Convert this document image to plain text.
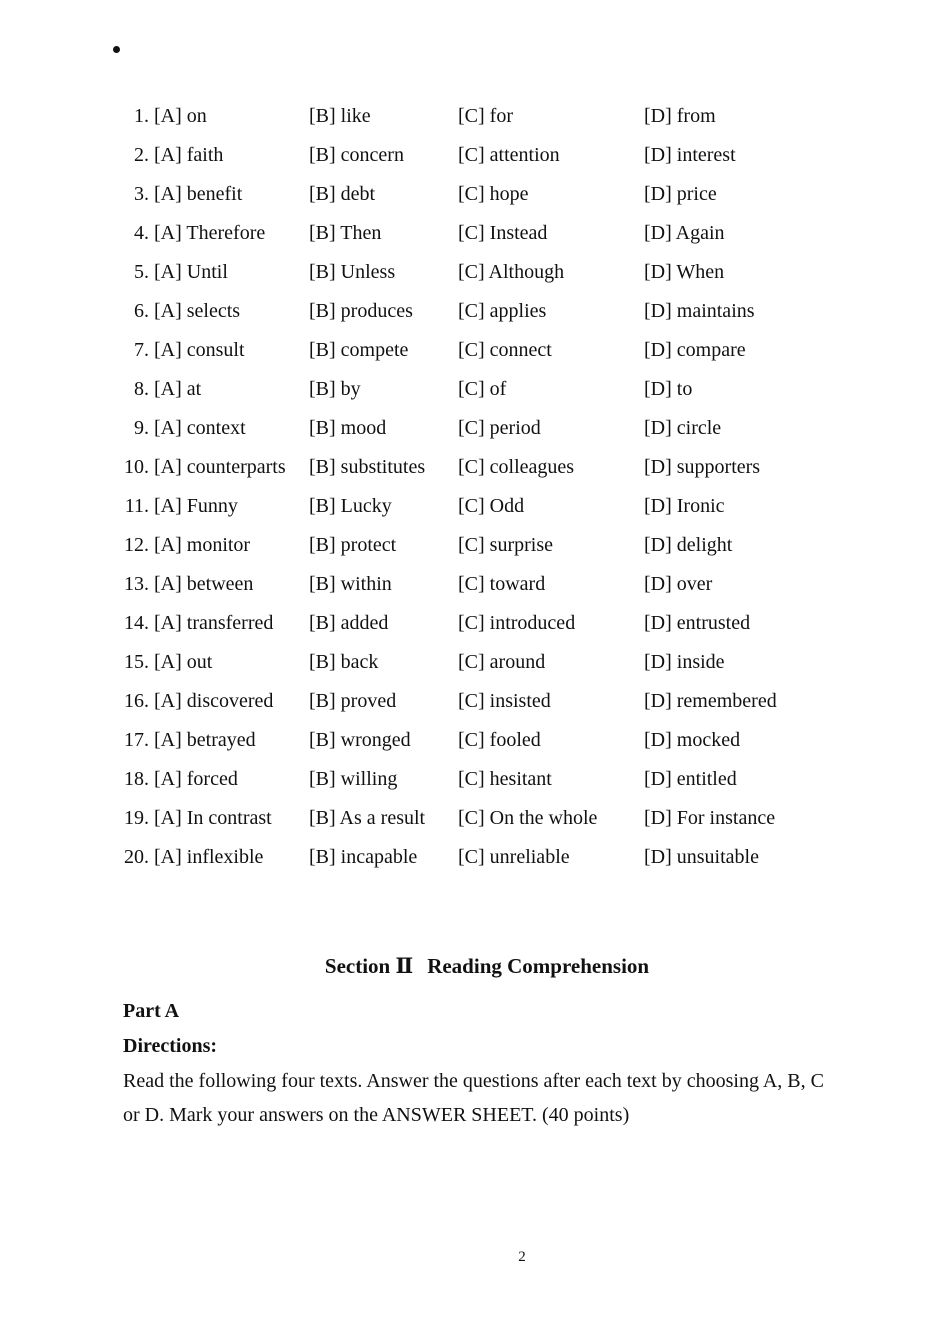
1. [A] on	[B] like	[C] for	[D] from
2. [A] faith	[B] concern	[C] attention	[D] interest
3. [A] benefit	[B] debt	[C] hope	[D] price
4. [A] Therefore [B] Then	[C] Instead	[D] Again
5. [A] Until	[B] Unless	[C] Although	[D] When
6. [A] selects	[B] produces [C] applies	[D] maintains
7. [A] consult	[B] compete [C] connect	[D] compare
8. [A] at	[B] by	[C] of	[D] to
9. [A] context	[B] mood	[C] period	[D] circle
10. [A] counterparts [B] substitutes [C] colleagues	[D] supporters
11. [A] Funny	[B] Lucky	[C] Odd	[D] Ironic
12. [A] monitor	[B] protect	[C] surprise	[D] delight
13. [A] between	[B] within	[C] toward	[D] over
14. [A] transferred [B] added	[C] introduced	[D] entrusted
15. [A] out	[B] back	[C] around	[D] inside
16. [A] discovered [B] proved	[C] insisted	[D] remembered
17. [A] betrayed	[B] wronged [C] fooled	[D] mocked
18. [A] forced	[B] willing	[C] hesitant	[D] entitled
19. [A] In contrast [B] As a result [C] On the whole [D] For instance
20. [A] inflexible [B] incapable [C] unreliable	[D] unsuitable
Section Ⅱ Reading Comprehension
Part A
Directions:

Read the following four texts. Answer the questions after each text by choosing A, B, C or D. Mark your answers on the ANSWER SHEET. (40 points)

2
